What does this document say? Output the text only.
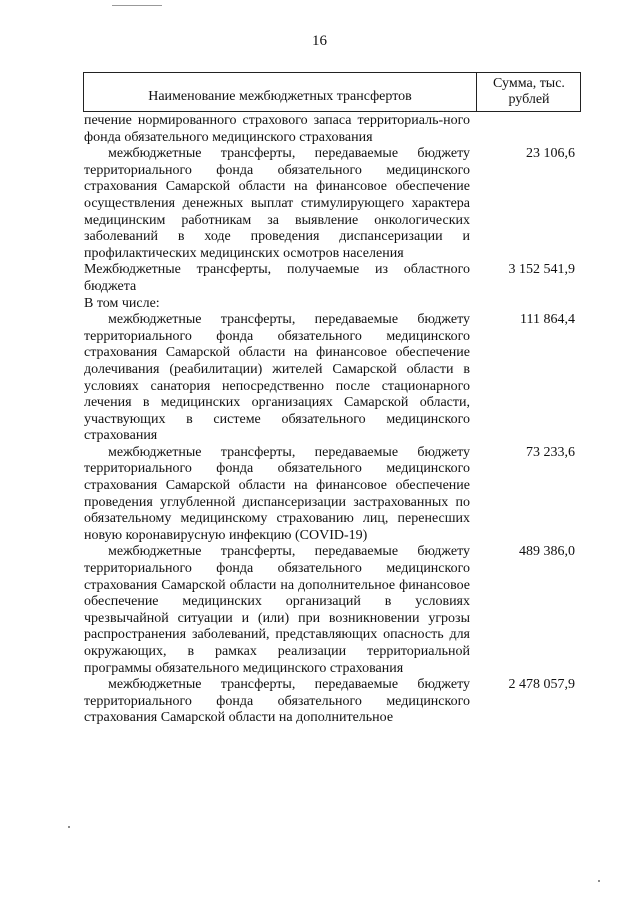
16
Наименование межбюджетных трансфертов
Сумма, тыс.
рублей
печение нормированного страхового запаса территориаль-ного фонда обязательного медицинского страхования
межбюджетные трансферты, передаваемые бюджету территориального фонда обязательного медицинского страхования Самарской области на финансовое обеспечение осуществления денежных выплат стимулирующего характера медицинским работникам за выявление онкологических заболеваний в ходе проведения диспансеризации и профилактических медицинских осмотров населения
23 106,6
Межбюджетные трансферты, получаемые из областного бюджета
3 152 541,9
В том числе:
межбюджетные трансферты, передаваемые бюджету территориального фонда обязательного медицинского страхования Самарской области на финансовое обеспечение долечивания (реабилитации) жителей Самарской области в условиях санатория непосредственно после стационарного лечения в медицинских организациях Самарской области, участвующих в системе обязательного медицинского страхования
111 864,4
межбюджетные трансферты, передаваемые бюджету территориального фонда обязательного медицинского страхования Самарской области на финансовое обеспечение проведения углубленной диспансеризации застрахованных по обязательному медицинскому страхованию лиц, перенесших новую коронавирусную инфекцию (COVID-19)
73 233,6
межбюджетные трансферты, передаваемые бюджету территориального фонда обязательного медицинского страхования Самарской области на дополнительное финансовое обеспечение медицинских организаций в условиях чрезвычайной ситуации и (или) при возникновении угрозы распространения заболеваний, представляющих опасность для окружающих, в рамках реализации территориальной программы обязательного медицинского страхования
489 386,0
межбюджетные трансферты, передаваемые бюджету территориального фонда обязательного медицинского страхования Самарской области на дополнительное
2 478 057,9
